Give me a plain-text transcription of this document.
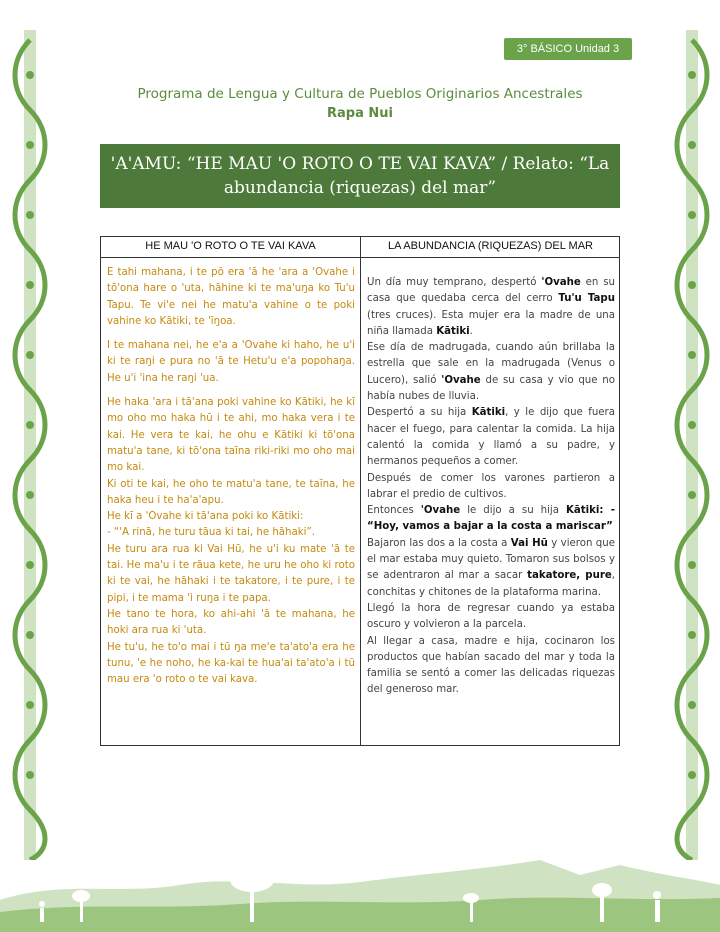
3° BÁSICO Unidad 3
Programa de Lengua y Cultura de Pueblos Originarios Ancestrales
Rapa Nui
'A'AMU: “HE MAU 'O ROTO O TE VAI KAVA” / Relato: “La abundancia (riquezas) del mar”
HE MAU 'O ROTO O TE VAI KAVA	LA ABUNDANCIA (RIQUEZAS) DEL MAR

E tahi mahana, i te pō era 'ā he 'ara a 'Ovahe i tō'ona hare o 'uta, hāhine ki te ma'uŋa ko Tu'u Tapu. Te vi'e nei he matu'a vahine o te poki vahine ko Kātiki, te 'īŋoa.

I te mahana nei, he e'a a 'Ovahe ki haho, he u'i ki te raŋi e pura no 'ā te Hetu'u e'a popohaŋa. He u'i 'ina he raŋi 'ua.

He haka 'ara i tā'ana poki vahine ko Kātiki, he kī mo oho mo haka hū i te ahi, mo haka vera i te kai. He vera te kai, he ohu e Kātiki ki tō'ona matu'a tane, ki tō'ona taīna riki-riki mo oho mai mo kai.

Ki oti te kai, he oho te matu'a tane, te taīna, he haka heu i te ha'a'apu.

He kī a 'Ovahe ki tā'ana poki ko Kātiki:

- “'A rinā, he turu tāua ki tai, he hāhaki”.

He turu ara rua ki Vai Hū, he u'i ku mate 'ā te tai. He ma'u i te rāua kete, he uru he oho ki roto ki te vai, he hāhaki i te takatore, i te pure, i te pipi, i te mama 'i ruŋa i te papa.

He tano te hora, ko ahi-ahi 'ā te mahana, he hoki ara rua ki 'uta.

He tu'u, he to'o mai i tū ŋa me'e ta'ato'a era he tunu, 'e he noho, he ka-kai te hua'ai ta'ato'a i tū mau era 'o roto o te vai kava.

Un día muy temprano, despertó 'Ovahe en su casa que quedaba cerca del cerro Tu'u Tapu (tres cruces). Esta mujer era la madre de una niña llamada Kātiki.

Ese día de madrugada, cuando aún brillaba la estrella que sale en la madrugada (Venus o Lucero), salió 'Ovahe de su casa y vio que no había nubes de lluvia.

Despertó a su hija Kātiki, y le dijo que fuera hacer el fuego, para calentar la comida. La hija calentó la comida y llamó a su padre, y hermanos pequeños a comer.

Después de comer los varones partieron a labrar el predio de cultivos.

Entonces 'Ovahe le dijo a su hija Kātiki: - “Hoy, vamos a bajar a la costa a mariscar”

Bajaron las dos a la costa a Vai Hū y vieron que el mar estaba muy quieto. Tomaron sus bolsos y se adentraron al mar a sacar takatore, pure, conchitas y chitones de la plataforma marina.

Llegó la hora de regresar cuando ya estaba oscuro y volvieron a la parcela.

Al llegar a casa, madre e hija, cocinaron los productos que habían sacado del mar y toda la familia se sentó a comer las delicadas riquezas del generoso mar.
